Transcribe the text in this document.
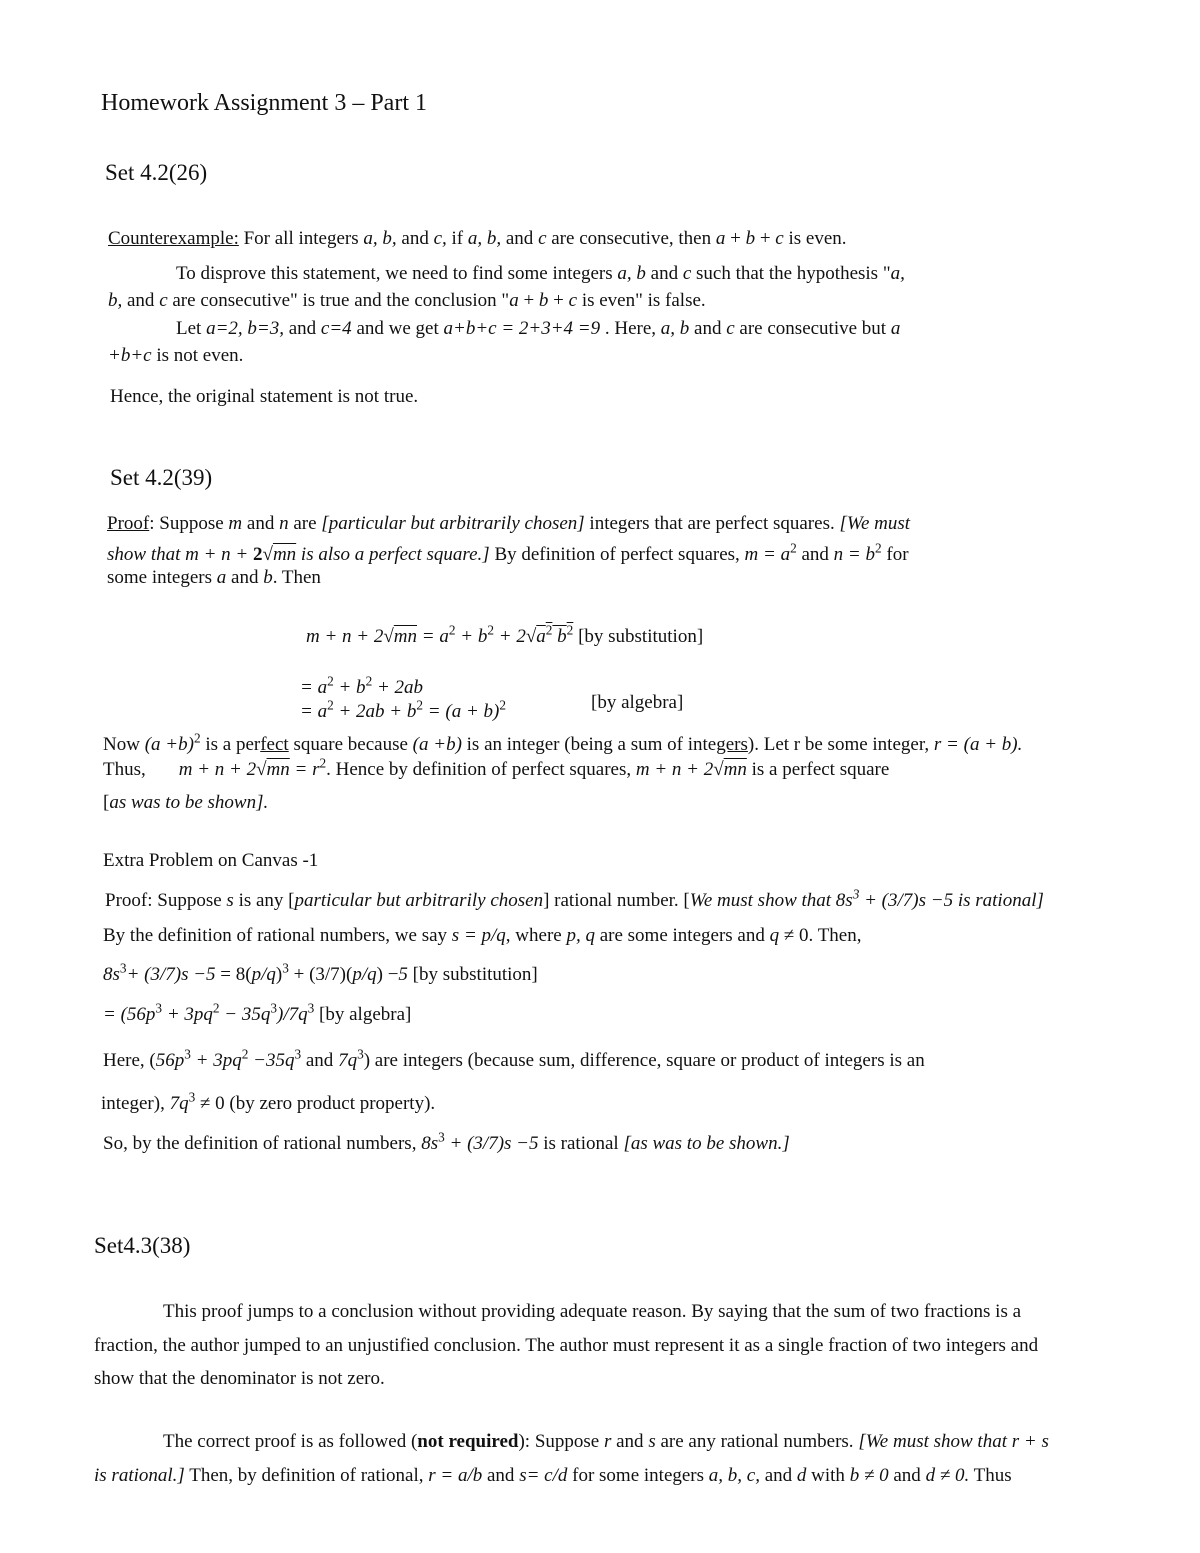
Homework Assignment 3 – Part 1
Set 4.2(26)
Counterexample: For all integers a, b, and c, if a, b, and c are consecutive, then a + b + c is even.
To disprove this statement, we need to find some integers a, b and c such that the hypothesis "a,
b, and c are consecutive" is true and the conclusion "a + b + c is even" is false.
Let a=2, b=3, and c=4 and we get a+b+c = 2+3+4 =9 . Here, a, b and c are consecutive but a
+b+c is not even.
Hence, the original statement is not true.
Set 4.2(39)
Proof: Suppose m and n are [particular but arbitrarily chosen] integers that are perfect squares. [We must
show that m + n + 2√mn is also a perfect square.] By definition of perfect squares, $m = a^2$ and $n = b^2$ for
some integers a and b. Then
$m + n + 2√mn = a^2 + b^2 + 2√a^2$ $b^2$ [by substitution]
= $a^2 + b^2 + 2ab$
= $a^2 + 2ab + b^2 = (a + b)^2$	[by algebra]
Now $(a +b)^2$ is a perfect square because (a +b) is an integer (being a sum of integers). Let r be some integer, r = (a + b).
Thus, $m + n + 2√mn = r^2$. Hence by definition of perfect squares, m + n + 2√mn is a perfect square
[as was to be shown].
Extra Problem on Canvas -1
Proof: Suppose s is any [particular but arbitrarily chosen] rational number. [We must show that $8s^3 + (3/7)s -5$ is rational]
By the definition of rational numbers, we say s = p/q, where p, q are some integers and q ≠ 0. Then,
$8s^3+ (3/7)s -5 = 8(p/q)^3 + (3/7)(p/q) -5$ [by substitution]
= $(56p^3 + 3pq^2 - 35q^3)/7q^3$ [by algebra]
Here, ($56p^3 + 3pq^2 -35q^3$ and $7q^3$) are integers (because sum, difference, square or product of integers is an
integer), $7q^3 \ne 0$ (by zero product property).
So, by the definition of rational numbers, $8s^3 + (3/7)s -5$ is rational [as was to be shown.]
Set4.3(38)
This proof jumps to a conclusion without providing adequate reason. By saying that the sum of two fractions is a
fraction, the author jumped to an unjustified conclusion. The author must represent it as a single fraction of two integers and
show that the denominator is not zero.
The correct proof is as followed (not required): Suppose r and s are any rational numbers. [We must show that r + s
is rational.] Then, by definition of rational, r = a/b and s= c/d for some integers a, b, c, and d with b ≠ 0 and d ≠ 0. Thus
